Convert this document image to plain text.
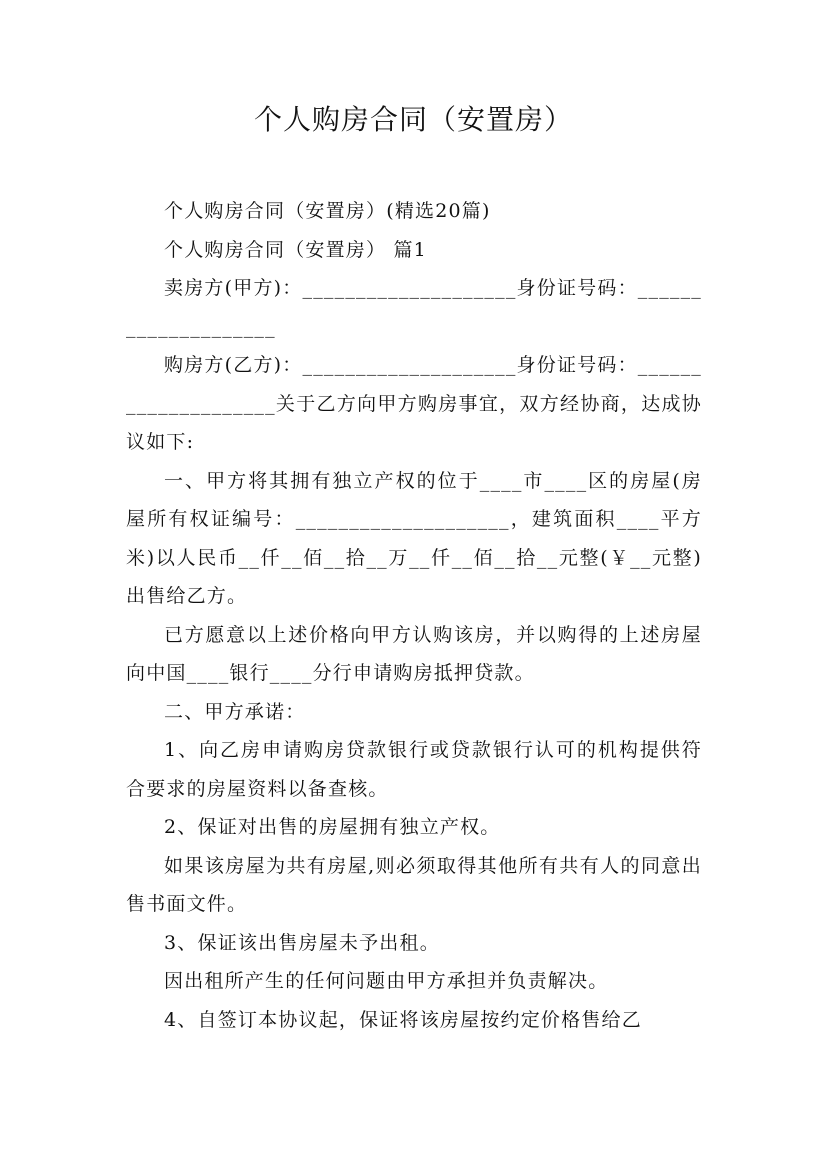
个人购房合同（安置房）

个人购房合同（安置房）(精选20篇)

个人购房合同（安置房） 篇1

卖房方(甲方)：____________________身份证号码：____________________

购房方(乙方)：____________________身份证号码：____________________关于乙方向甲方购房事宜，双方经协商，达成协议如下:

一、甲方将其拥有独立产权的位于____市____区的房屋(房屋所有权证编号：____________________，建筑面积____平方米)以人民币__仟__佰__拾__万__仟__佰__拾__元整(￥__元整)出售给乙方。

已方愿意以上述价格向甲方认购该房，并以购得的上述房屋向中国____银行____分行申请购房抵押贷款。

二、甲方承诺：

1、向乙房申请购房贷款银行或贷款银行认可的机构提供符合要求的房屋资料以备查核。

2、保证对出售的房屋拥有独立产权。

如果该房屋为共有房屋,则必须取得其他所有共有人的同意出售书面文件。

3、保证该出售房屋未予出租。

因出租所产生的任何问题由甲方承担并负责解决。

4、自签订本协议起，保证将该房屋按约定价格售给乙
